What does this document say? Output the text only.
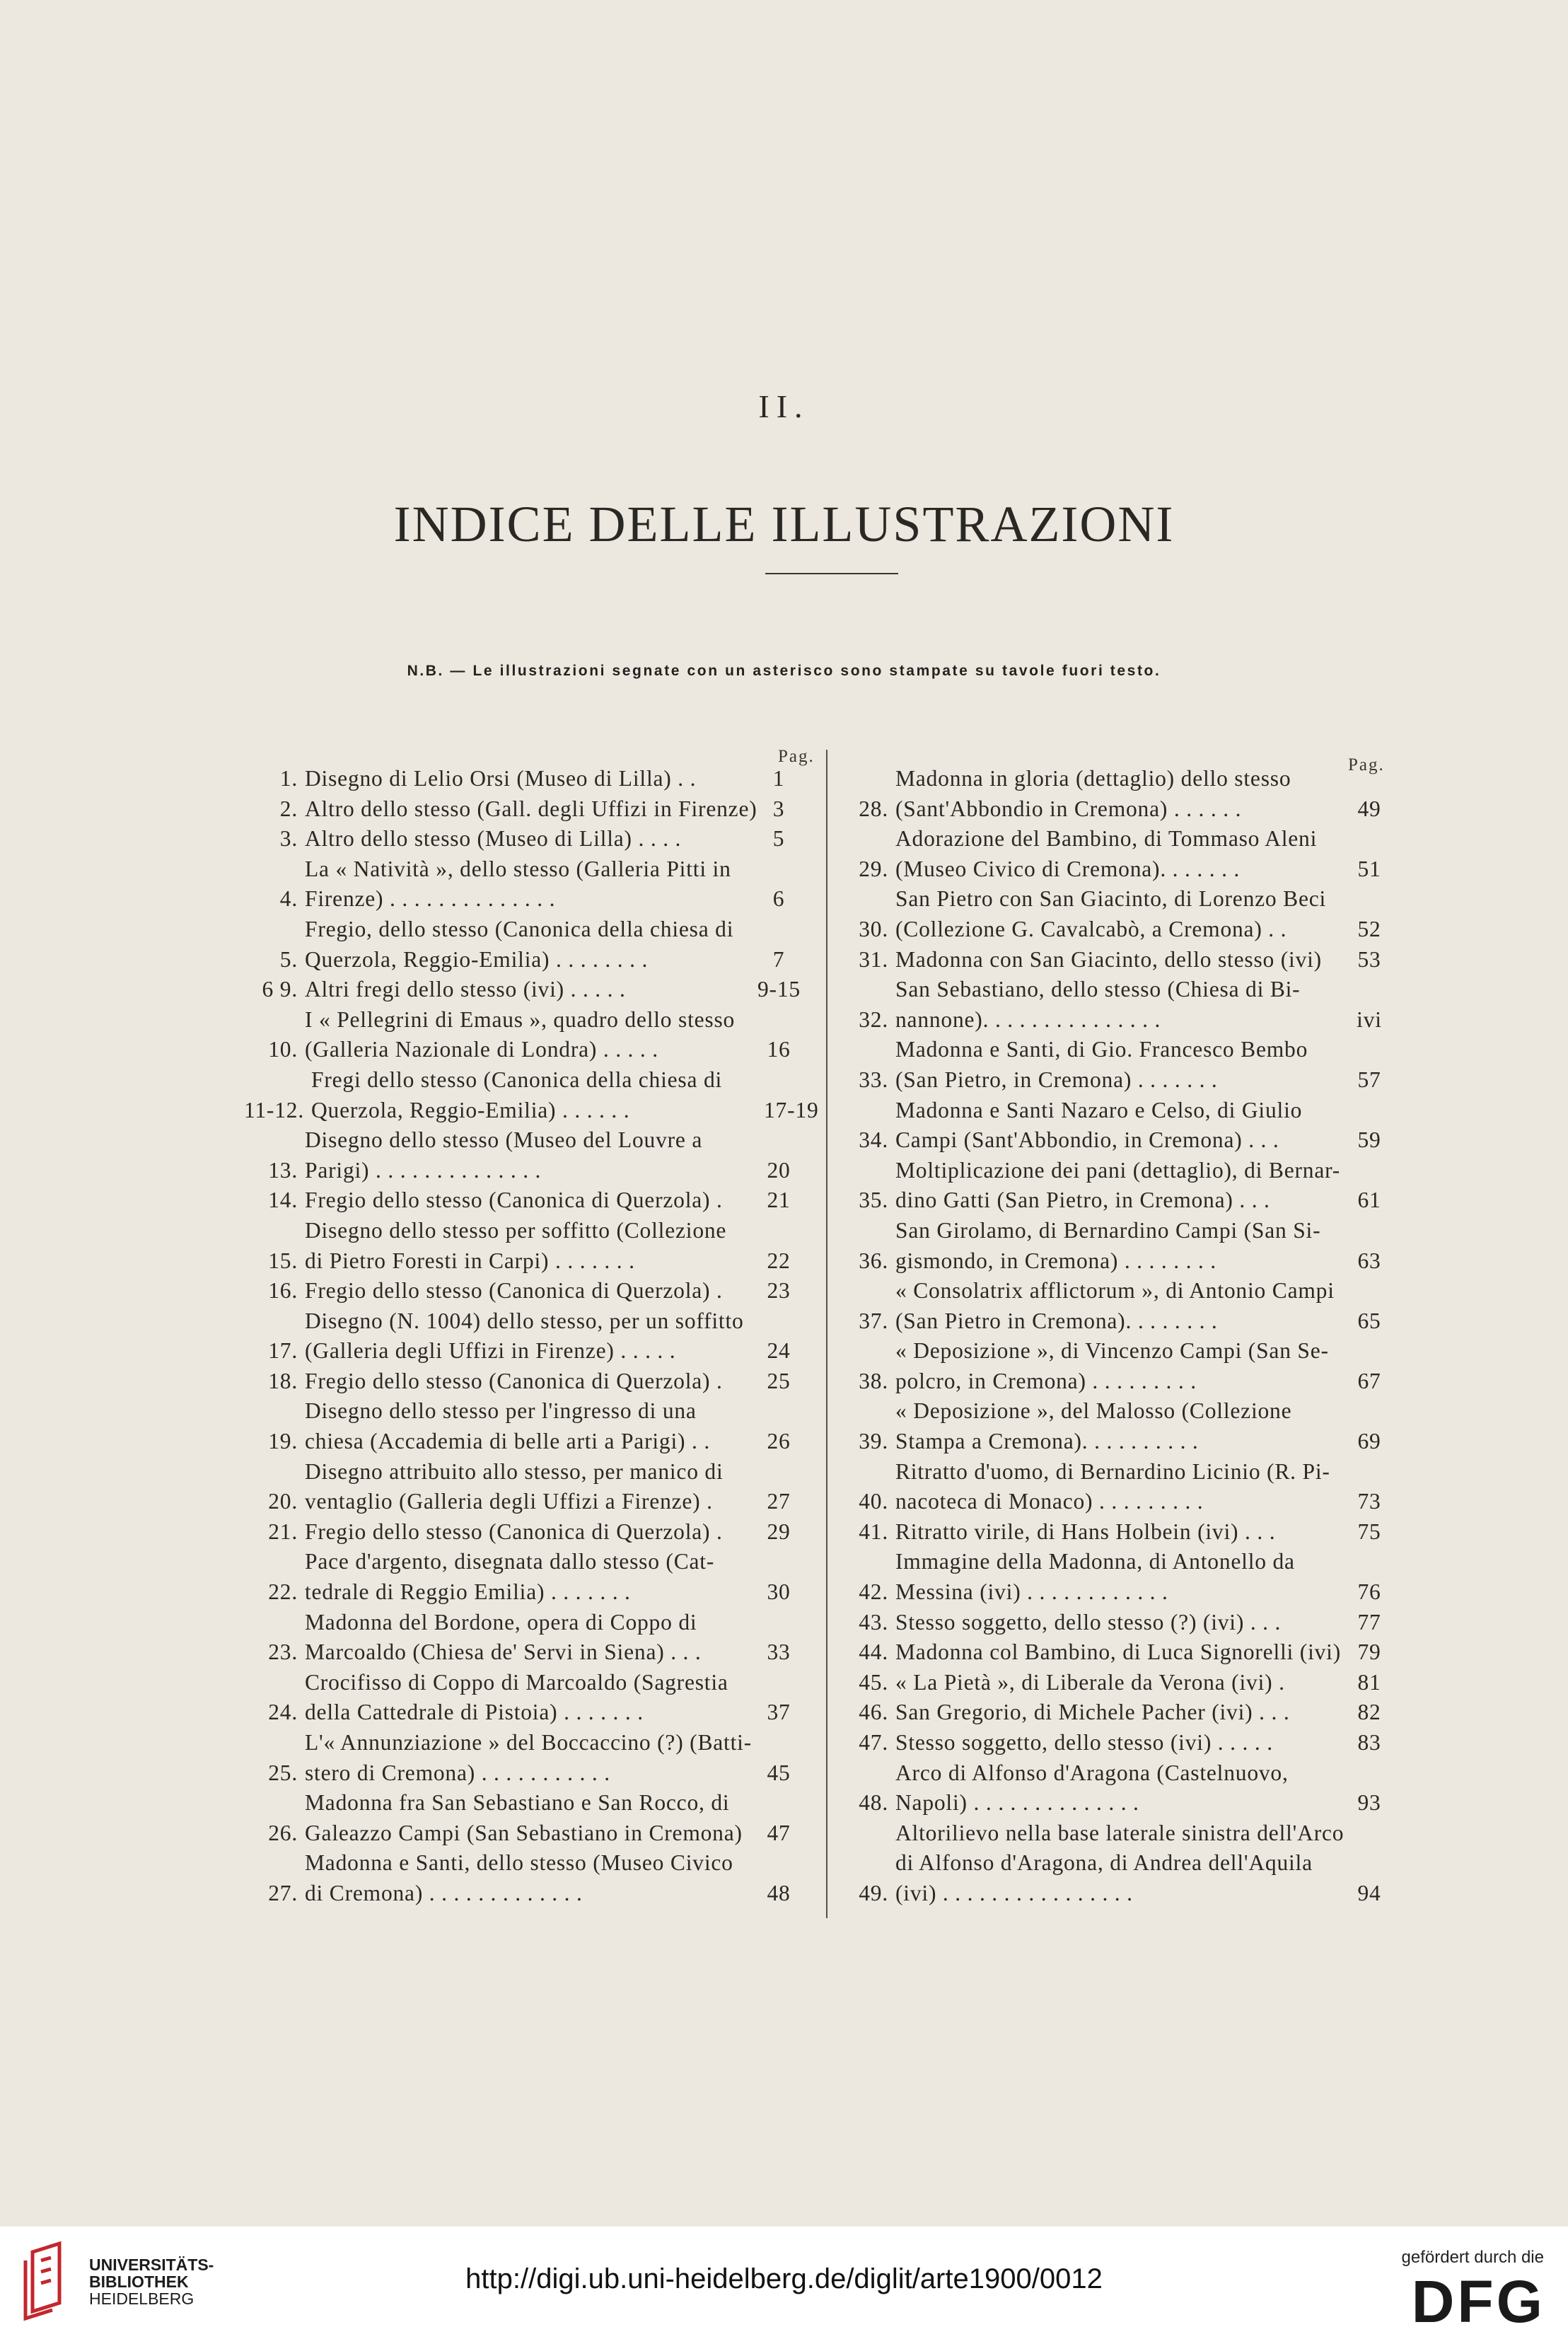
II.
INDICE DELLE ILLUSTRAZIONI
N.B. — Le illustrazioni segnate con un asterisco sono stampate su tavole fuori testo.
Pag.	Pag.
1. Disegno di Lelio Orsi (Museo di Lilla) . .	1
2. Altro dello stesso (Gall. degli Uffizi in Firenze) 3
3. Altro dello stesso (Museo di Lilla) . . . .	5
4.
La « Natività », dello stesso (Galleria Pitti in
Firenze) . . . . . . . . . . . . . .	6
5.
Fregio, dello stesso (Canonica della chiesa di
Querzola, Reggio-Emilia) . . . . . . . .	7
6 9. Altri fregi dello stesso (ivi) . . . . .	9-15
10.
I « Pellegrini di Emaus », quadro dello stesso
(Galleria Nazionale di Londra) . . . . .	16
11-12.
Fregi dello stesso (Canonica della chiesa di
Querzola, Reggio-Emilia) . . . . . .	17-19
13.
Disegno dello stesso (Museo del Louvre a
Parigi) . . . . . . . . . . . . . .	20
14. Fregio dello stesso (Canonica di Querzola) .	21
15.
Disegno dello stesso per soffitto (Collezione
di Pietro Foresti in Carpi) . . . . . . .	22
16. Fregio dello stesso (Canonica di Querzola) .	23
17.
Disegno (N. 1004) dello stesso, per un soffitto
(Galleria degli Uffizi in Firenze) . . . . .	24
18. Fregio dello stesso (Canonica di Querzola) .	25
19.
Disegno dello stesso per l'ingresso di una
chiesa (Accademia di belle arti a Parigi) . .	26
20.
Disegno attribuito allo stesso, per manico di
ventaglio (Galleria degli Uffizi a Firenze) .	27
21. Fregio dello stesso (Canonica di Querzola) .	29
22.
Pace d'argento, disegnata dallo stesso (Cat-
tedrale di Reggio Emilia) . . . . . . .	30
23.
Madonna del Bordone, opera di Coppo di
Marcoaldo (Chiesa de' Servi in Siena) . . .	33
24.
Crocifisso di Coppo di Marcoaldo (Sagrestia
della Cattedrale di Pistoia) . . . . . . .	37
25.
L'« Annunziazione » del Boccaccino (?) (Batti-
stero di Cremona) . . . . . . . . . . .	45
26.
Madonna fra San Sebastiano e San Rocco, di
Galeazzo Campi (San Sebastiano in Cremona)	47
27.
Madonna e Santi, dello stesso (Museo Civico
di Cremona) . . . . . . . . . . . . .	48
28.
Madonna in gloria (dettaglio) dello stesso
(Sant'Abbondio in Cremona) . . . . . .	49
29.
Adorazione del Bambino, di Tommaso Aleni
(Museo Civico di Cremona). . . . . . .	51
30.
San Pietro con San Giacinto, di Lorenzo Beci
(Collezione G. Cavalcabò, a Cremona) . .	52
31. Madonna con San Giacinto, dello stesso (ivi)	53
32.
San Sebastiano, dello stesso (Chiesa di Bi-
nannone). . . . . . . . . . . . . . .	ivi
33.
Madonna e Santi, di Gio. Francesco Bembo
(San Pietro, in Cremona) . . . . . . .	57
34.
Madonna e Santi Nazaro e Celso, di Giulio
Campi (Sant'Abbondio, in Cremona) . . .	59
35.
Moltiplicazione dei pani (dettaglio), di Bernar-
dino Gatti (San Pietro, in Cremona) . . .	61
36.
San Girolamo, di Bernardino Campi (San Si-
gismondo, in Cremona) . . . . . . . .	63
37.
« Consolatrix afflictorum », di Antonio Campi
(San Pietro in Cremona). . . . . . . .	65
38.
« Deposizione », di Vincenzo Campi (San Se-
polcro, in Cremona) . . . . . . . . .	67
39.
« Deposizione », del Malosso (Collezione
Stampa a Cremona). . . . . . . . . .	69
40.
Ritratto d'uomo, di Bernardino Licinio (R. Pi-
nacoteca di Monaco) . . . . . . . . .	73
41. Ritratto virile, di Hans Holbein (ivi) . . .	75
42.
Immagine della Madonna, di Antonello da
Messina (ivi) . . . . . . . . . . . .	76
43. Stesso soggetto, dello stesso (?) (ivi) . . .	77
44. Madonna col Bambino, di Luca Signorelli (ivi) 79
45. « La Pietà », di Liberale da Verona (ivi) .	81
46. San Gregorio, di Michele Pacher (ivi) . . .	82
47. Stesso soggetto, dello stesso (ivi) . . . . .	83
48.
Arco di Alfonso d'Aragona (Castelnuovo,
Napoli) . . . . . . . . . . . . . .	93
49.
Altorilievo nella base laterale sinistra dell'Arco
di Alfonso d'Aragona, di Andrea dell'Aquila
(ivi) . . . . . . . . . . . . . . . .	94
UNIVERSITÄTS-
BIBLIOTHEK
HEIDELBERG
http://digi.ub.uni-heidelberg.de/diglit/arte1900/0012
gefördert durch die
DFG
